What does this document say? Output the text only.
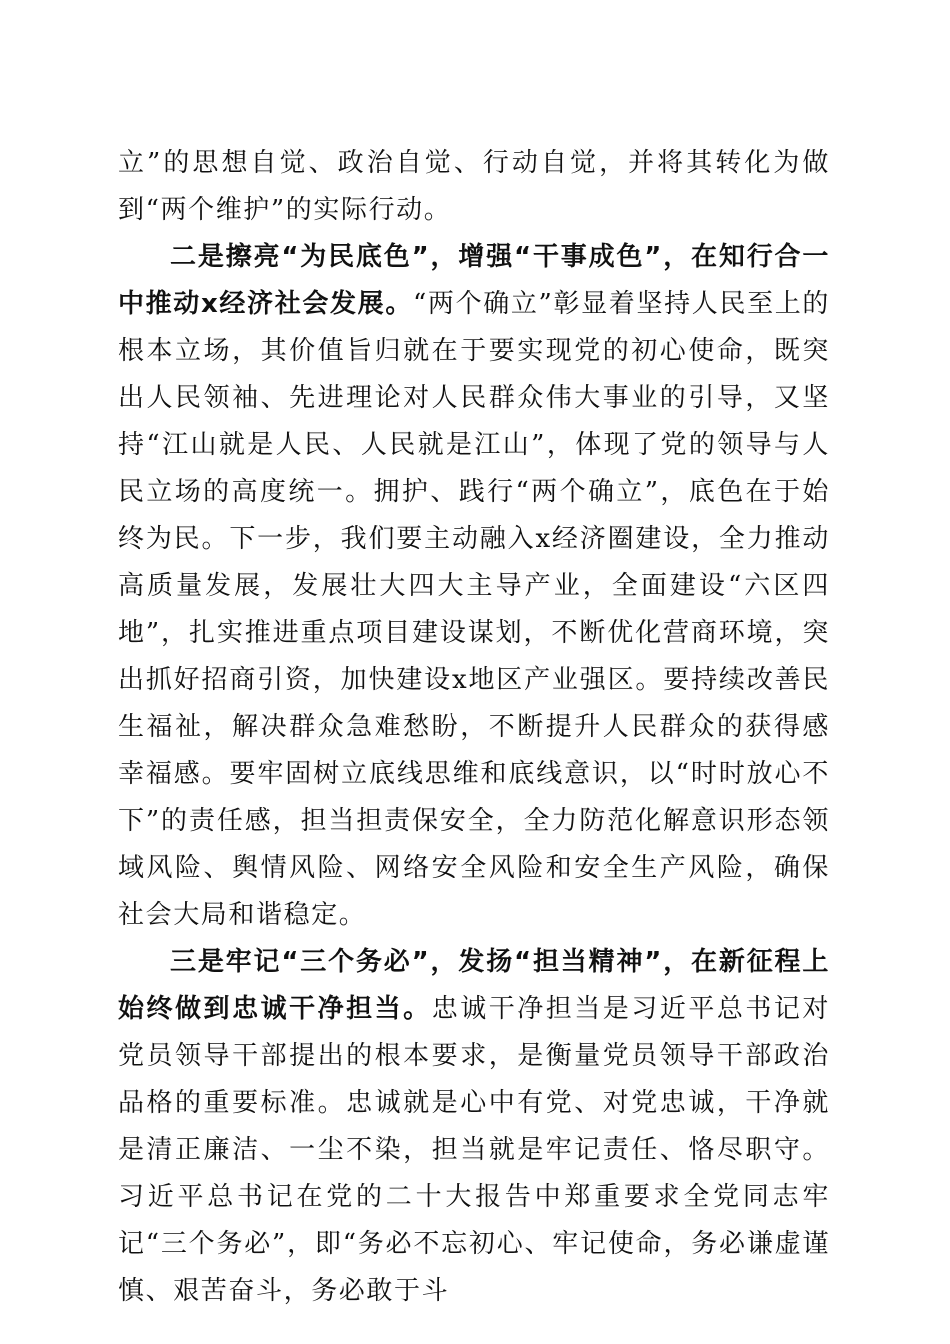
立”的思想自觉、政治自觉、行动自觉，并将其转化为做到“两个维护”的实际行动。

二是擦亮“为民底色”，增强“干事成色”，在知行合一中推动x经济社会发展。“两个确立”彰显着坚持人民至上的根本立场，其价值旨归就在于要实现党的初心使命，既突出人民领袖、先进理论对人民群众伟大事业的引导，又坚持“江山就是人民、人民就是江山”，体现了党的领导与人民立场的高度统一。拥护、践行“两个确立”，底色在于始终为民。下一步，我们要主动融入x经济圈建设，全力推动高质量发展，发展壮大四大主导产业，全面建设“六区四地”，扎实推进重点项目建设谋划，不断优化营商环境，突出抓好招商引资，加快建设x地区产业强区。要持续改善民生福祉，解决群众急难愁盼，不断提升人民群众的获得感幸福感。要牢固树立底线思维和底线意识，以“时时放心不下”的责任感，担当担责保安全，全力防范化解意识形态领域风险、舆情风险、网络安全风险和安全生产风险，确保社会大局和谐稳定。

三是牢记“三个务必”，发扬“担当精神”，在新征程上始终做到忠诚干净担当。忠诚干净担当是习近平总书记对党员领导干部提出的根本要求，是衡量党员领导干部政治品格的重要标准。忠诚就是心中有党、对党忠诚，干净就是清正廉洁、一尘不染，担当就是牢记责任、恪尽职守。习近平总书记在党的二十大报告中郑重要求全党同志牢记“三个务必”，即“务必不忘初心、牢记使命，务必谦虚谨慎、艰苦奋斗，务必敢于斗
